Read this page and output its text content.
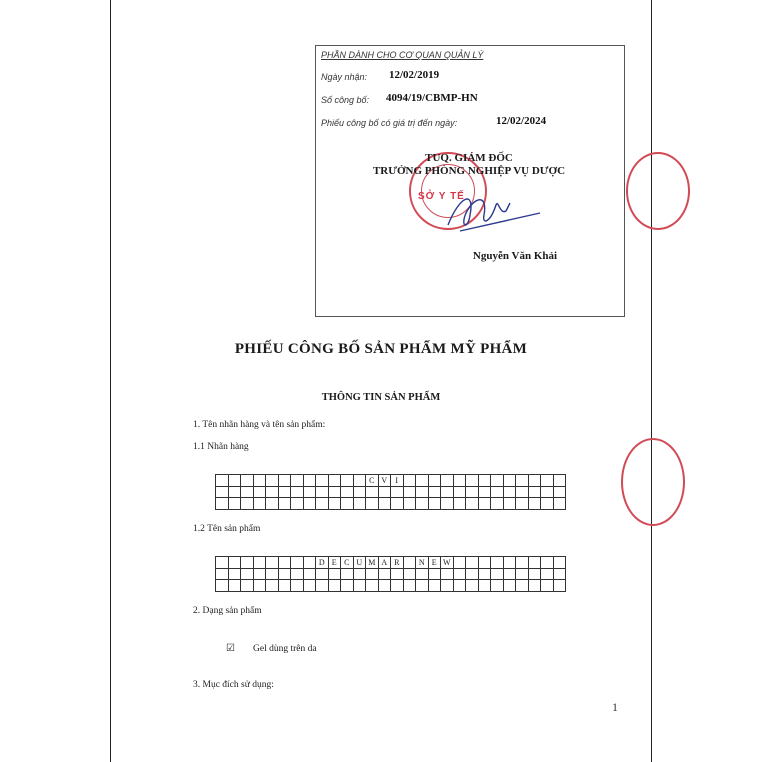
PHẦN DÀNH CHO CƠ QUAN QUẢN LÝ
Ngày nhận: 12/02/2019
Số công bố: 4094/19/CBMP-HN
Phiếu công bố có giá trị đến ngày:	12/02/2024
SỞ Y TẾ
TUQ. GIÁM ĐỐC
TRƯỞNG PHÒNG NGHIỆP VỤ DƯỢC
Nguyễn Văn Khải
PHIẾU CÔNG BỐ SẢN PHẨM MỸ PHẨM
THÔNG TIN SẢN PHẨM
1. Tên nhãn hàng và tên sản phẩm:
1.1 Nhãn hàng
												C	V	I													

1.2 Tên sản phẩm
								D	E	C	U	M	A	R		N	E	W									

2. Dạng sản phẩm
☑ Gel dùng trên da
3. Mục đích sử dụng:
1
